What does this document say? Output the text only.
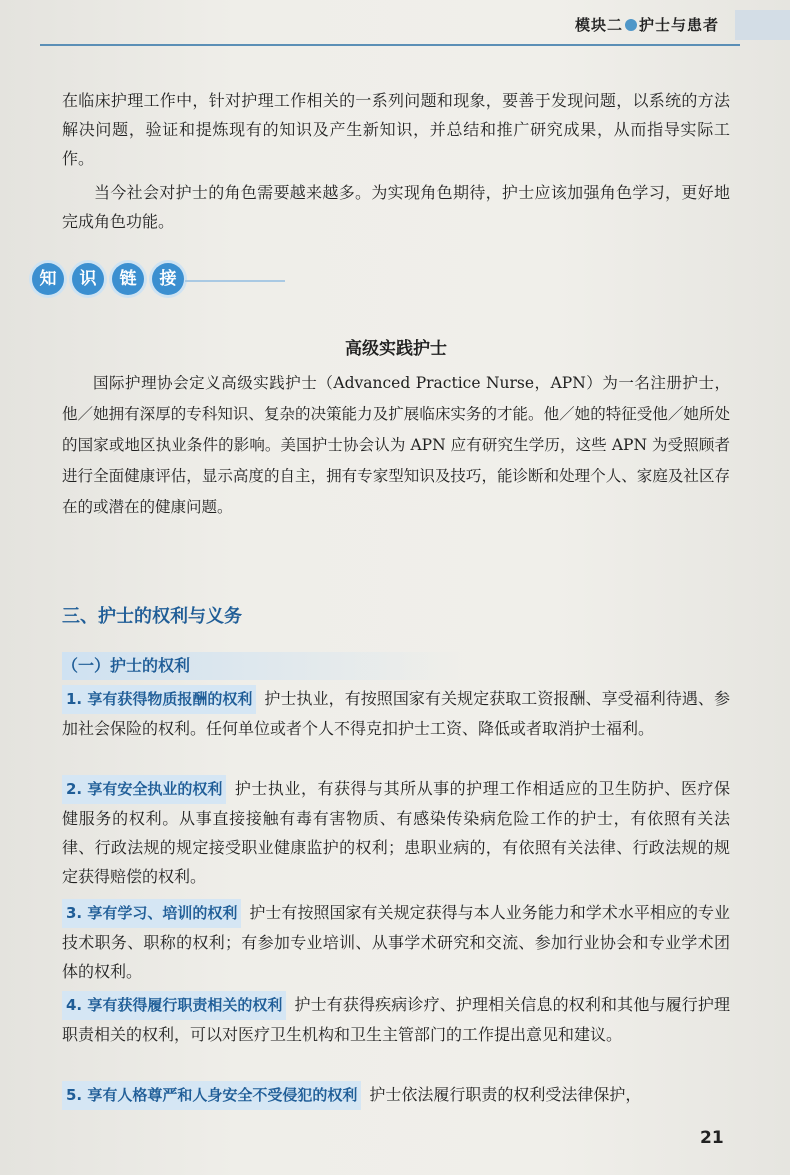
模块二 护士与患者
在临床护理工作中，针对护理工作相关的一系列问题和现象，要善于发现问题，以系统的方法解决问题，验证和提炼现有的知识及产生新知识，并总结和推广研究成果，从而指导实际工作。
当今社会对护士的角色需要越来越多。为实现角色期待，护士应该加强角色学习，更好地完成角色功能。
知	识	链	接
高级实践护士
国际护理协会定义高级实践护士（Advanced Practice Nurse，APN）为一名注册护士，他／她拥有深厚的专科知识、复杂的决策能力及扩展临床实务的才能。他／她的特征受他／她所处的国家或地区执业条件的影响。美国护士协会认为 APN 应有研究生学历，这些 APN 为受照顾者进行全面健康评估，显示高度的自主，拥有专家型知识及技巧，能诊断和处理个人、家庭及社区存在的或潜在的健康问题。
三、护士的权利与义务
（一）护士的权利
1. 享有获得物质报酬的权利 护士执业，有按照国家有关规定获取工资报酬、享受福利待遇、参加社会保险的权利。任何单位或者个人不得克扣护士工资、降低或者取消护士福利。
2. 享有安全执业的权利 护士执业，有获得与其所从事的护理工作相适应的卫生防护、医疗保健服务的权利。从事直接接触有毒有害物质、有感染传染病危险工作的护士，有依照有关法律、行政法规的规定接受职业健康监护的权利；患职业病的，有依照有关法律、行政法规的规定获得赔偿的权利。
3. 享有学习、培训的权利 护士有按照国家有关规定获得与本人业务能力和学术水平相应的专业技术职务、职称的权利；有参加专业培训、从事学术研究和交流、参加行业协会和专业学术团体的权利。
4. 享有获得履行职责相关的权利 护士有获得疾病诊疗、护理相关信息的权利和其他与履行护理职责相关的权利，可以对医疗卫生机构和卫生主管部门的工作提出意见和建议。
5. 享有人格尊严和人身安全不受侵犯的权利 护士依法履行职责的权利受法律保护，
21
